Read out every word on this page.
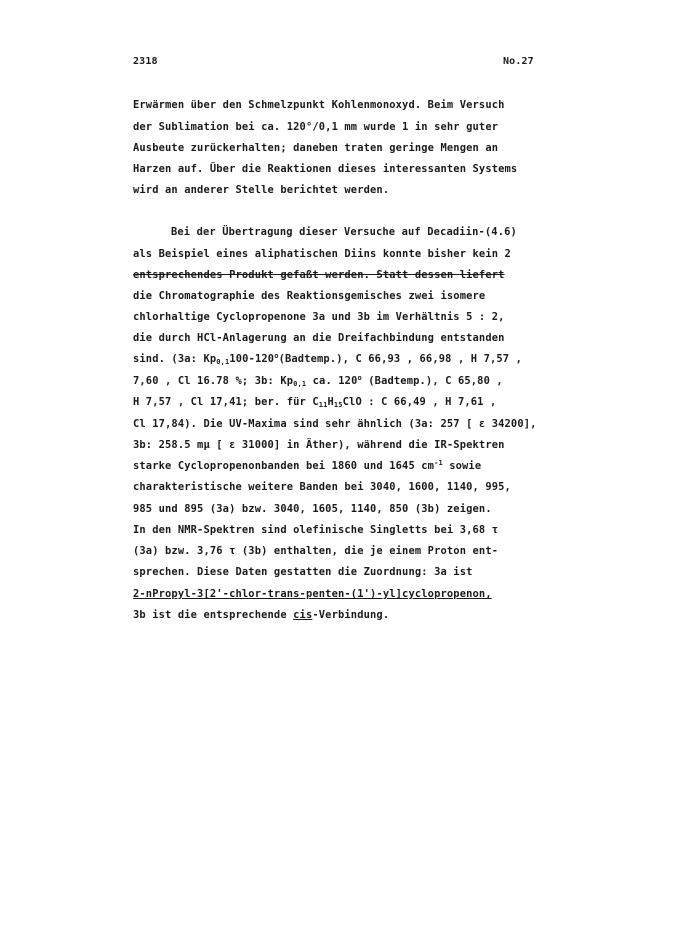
2318	No.27
Erwärmen über den Schmelzpunkt Kohlenmonoxyd. Beim Versuch
der Sublimation bei ca. 120°/0,1 mm wurde 1 in sehr guter
Ausbeute zurückerhalten; daneben traten geringe Mengen an
Harzen auf. Über die Reaktionen dieses interessanten Systems
wird an anderer Stelle berichtet werden.
Bei der Übertragung dieser Versuche auf Decadiin-(4.6)
als Beispiel eines aliphatischen Diins konnte bisher kein 2
entsprechendes Produkt gefaßt werden. Statt dessen liefert
die Chromatographie des Reaktionsgemisches zwei isomere
chlorhaltige Cyclopropenone 3a und 3b im Verhältnis 5 : 2,
die durch HCl-Anlagerung an die Dreifachbindung entstanden
sind. (3a: $Kp_{0,1}100-120^o(Badtemp.)$, C 66,93 , 66,98 , H 7,57 ,
7,60 , Cl 16.78 %; 3b: $Kp_{0,1}$ ca. 120$^o$ (Badtemp.), C 65,80 ,
H 7,57 , Cl 17,41; ber. für $C_{11}H_{15}ClO$ : C 66,49 , H 7,61 ,
Cl 17,84). Die UV-Maxima sind sehr ähnlich (3a: 257 [ ε 34200],
3b: 258.5 mμ [ ε 31000] in Äther), während die IR-Spektren
starke Cyclopropenonbanden bei 1860 und 1645 $cm^{-1}$ sowie
charakteristische weitere Banden bei 3040, 1600, 1140, 995,
985 und 895 (3a) bzw. 3040, 1605, 1140, 850 (3b) zeigen.
In den NMR-Spektren sind olefinische Singletts bei 3,68 τ
(3a) bzw. 3,76 τ (3b) enthalten, die je einem Proton ent-
sprechen. Diese Daten gestatten die Zuordnung: 3a ist
2-nPropyl-3[2'-chlor-trans-penten-(1')-yl]cyclopropenon,
3b ist die entsprechende cis-Verbindung.
